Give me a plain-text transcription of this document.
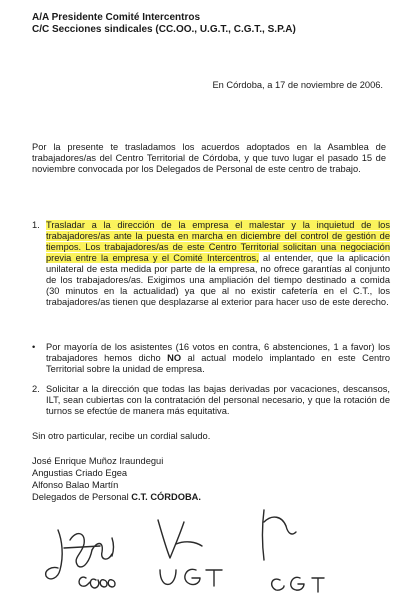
A/A Presidente Comité Intercentros
C/C Secciones sindicales (CC.OO., U.G.T., C.G.T., S.P.A)
En Córdoba, a 17 de noviembre de 2006.
Por la presente te trasladamos los acuerdos adoptados en la Asamblea de trabajadores/as del Centro Territorial de Córdoba, y que tuvo lugar el pasado 15 de noviembre convocada por los Delegados de Personal de este centro de trabajo.
1. Trasladar a la dirección de la empresa el malestar y la inquietud de los trabajadores/as ante la puesta en marcha en diciembre del control de gestión de tiempos. Los trabajadores/as de este Centro Territorial solicitan una negociación previa entre la empresa y el Comité Intercentros, al entender, que la aplicación unilateral de esta medida por parte de la empresa, no ofrece garantías al conjunto de los trabajadores/as. Exigimos una ampliación del tiempo destinado a comida (30 minutos en la actualidad) ya que al no existir cafetería en el C.T., los trabajadores/as tienen que desplazarse al exterior para hacer uso de este derecho.
•	Por mayoría de los asistentes (16 votos en contra, 6 abstenciones, 1 a favor) los trabajadores hemos dicho NO al actual modelo implantado en este Centro Territorial sobre la unidad de empresa.
2. Solicitar a la dirección que todas las bajas derivadas por vacaciones, descansos, ILT, sean cubiertas con la contratación del personal necesario, y que la rotación de turnos se efectúe de manera más equitativa.
Sin otro particular, recibe un cordial saludo.
José Enrique Muñoz Iraundegui
Angustias Criado Egea
Alfonso Balao Martín
Delegados de Personal C.T. CÓRDOBA.
